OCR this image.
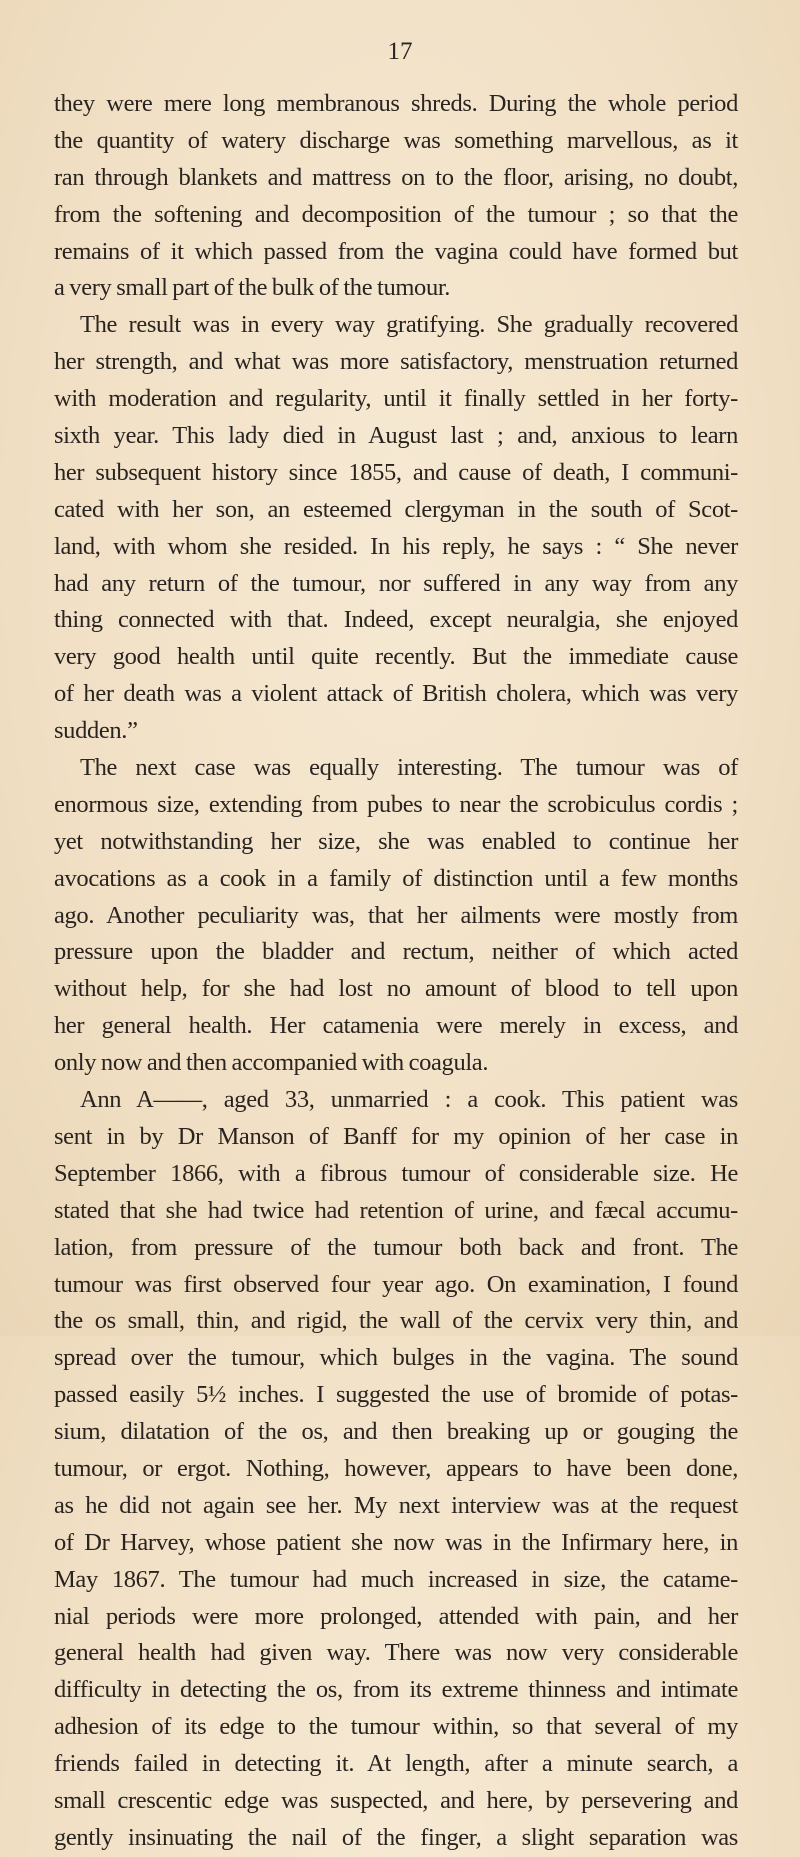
17
they were mere long membranous shreds. During the whole period
the quantity of watery discharge was something marvellous, as it
ran through blankets and mattress on to the floor, arising, no doubt,
from the softening and decomposition of the tumour ; so that the
remains of it which passed from the vagina could have formed but
a very small part of the bulk of the tumour.
The result was in every way gratifying. She gradually recovered
her strength, and what was more satisfactory, menstruation returned
with moderation and regularity, until it finally settled in her forty-
sixth year. This lady died in August last ; and, anxious to learn
her subsequent history since 1855, and cause of death, I communi-
cated with her son, an esteemed clergyman in the south of Scot-
land, with whom she resided. In his reply, he says : “ She never
had any return of the tumour, nor suffered in any way from any
thing connected with that. Indeed, except neuralgia, she enjoyed
very good health until quite recently. But the immediate cause
of her death was a violent attack of British cholera, which was very
sudden.”
The next case was equally interesting. The tumour was of
enormous size, extending from pubes to near the scrobiculus cordis ;
yet notwithstanding her size, she was enabled to continue her
avocations as a cook in a family of distinction until a few months
ago. Another peculiarity was, that her ailments were mostly from
pressure upon the bladder and rectum, neither of which acted
without help, for she had lost no amount of blood to tell upon
her general health. Her catamenia were merely in excess, and
only now and then accompanied with coagula.
Ann A——, aged 33, unmarried : a cook. This patient was
sent in by Dr Manson of Banff for my opinion of her case in
September 1866, with a fibrous tumour of considerable size. He
stated that she had twice had retention of urine, and fæcal accumu-
lation, from pressure of the tumour both back and front. The
tumour was first observed four year ago. On examination, I found
the os small, thin, and rigid, the wall of the cervix very thin, and
spread over the tumour, which bulges in the vagina. The sound
passed easily 5½ inches. I suggested the use of bromide of potas-
sium, dilatation of the os, and then breaking up or gouging the
tumour, or ergot. Nothing, however, appears to have been done,
as he did not again see her. My next interview was at the request
of Dr Harvey, whose patient she now was in the Infirmary here, in
May 1867. The tumour had much increased in size, the catame-
nial periods were more prolonged, attended with pain, and her
general health had given way. There was now very considerable
difficulty in detecting the os, from its extreme thinness and intimate
adhesion of its edge to the tumour within, so that several of my
friends failed in detecting it. At length, after a minute search, a
small crescentic edge was suspected, and here, by persevering and
gently insinuating the nail of the finger, a slight separation was
